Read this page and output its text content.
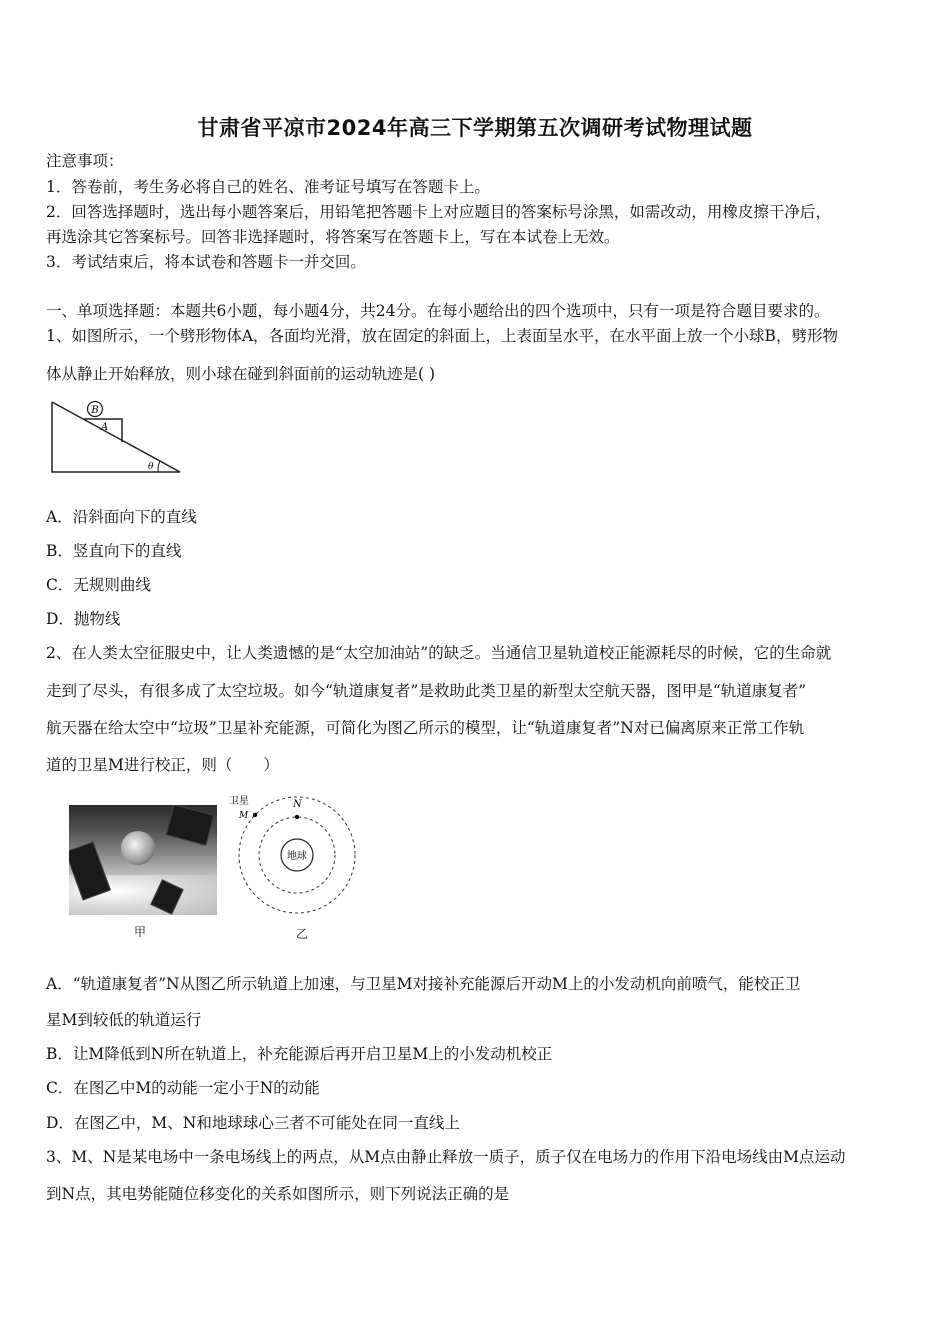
甘肃省平凉市2024年高三下学期第五次调研考试物理试题

注意事项：

1．答卷前，考生务必将自己的姓名、准考证号填写在答题卡上。

2．回答选择题时，选出每小题答案后，用铅笔把答题卡上对应题目的答案标号涂黑，如需改动，用橡皮擦干净后，

再选涂其它答案标号。回答非选择题时，将答案写在答题卡上，写在本试卷上无效。

3．考试结束后，将本试卷和答题卡一并交回。

一、单项选择题：本题共6小题，每小题4分，共24分。在每小题给出的四个选项中，只有一项是符合题目要求的。

1、如图所示，一个劈形物体A，各面均光滑，放在固定的斜面上，上表面呈水平，在水平面上放一个小球B，劈形物

体从静止开始释放，则小球在碰到斜面前的运动轨迹是( )

B
A
θ

A．沿斜面向下的直线

B．竖直向下的直线

C．无规则曲线

D．抛物线

2、在人类太空征服史中，让人类遗憾的是“太空加油站”的缺乏。当通信卫星轨道校正能源耗尽的时候，它的生命就

走到了尽头，有很多成了太空垃圾。如今“轨道康复者”是救助此类卫星的新型太空航天器，图甲是“轨道康复者”

航天器在给太空中“垃圾”卫星补充能源，可简化为图乙所示的模型，让“轨道康复者”N对已偏离原来正常工作轨

道的卫星M进行校正，则（　　）

甲
地球
N
M
卫星
乙

A．“轨道康复者”N从图乙所示轨道上加速，与卫星M对接补充能源后开动M上的小发动机向前喷气，能校正卫

星M到较低的轨道运行

B．让M降低到N所在轨道上，补充能源后再开启卫星M上的小发动机校正

C．在图乙中M的动能一定小于N的动能

D．在图乙中，M、N和地球球心三者不可能处在同一直线上

3、M、N是某电场中一条电场线上的两点，从M点由静止释放一质子，质子仅在电场力的作用下沿电场线由M点运动

到N点，其电势能随位移变化的关系如图所示，则下列说法正确的是
